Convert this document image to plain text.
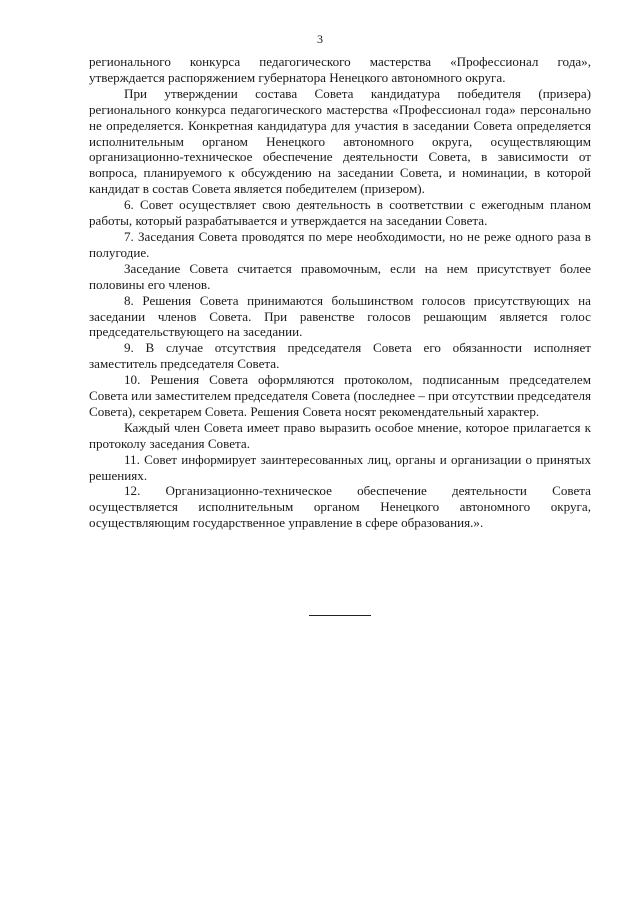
3

регионального конкурса педагогического мастерства «Профессионал года», утверждается распоряжением губернатора Ненецкого автономного округа.

При утверждении состава Совета кандидатура победителя (призера) регионального конкурса педагогического мастерства «Профессионал года» персонально не определяется. Конкретная кандидатура для участия в заседании Совета определяется исполнительным органом Ненецкого автономного округа, осуществляющим организационно-техническое обеспечение деятельности Совета, в зависимости от вопроса, планируемого к обсуждению на заседании Совета, и номинации, в которой кандидат в состав Совета является победителем (призером).

6. Совет осуществляет свою деятельность в соответствии с ежегодным планом работы, который разрабатывается и утверждается на заседании Совета.

7. Заседания Совета проводятся по мере необходимости, но не реже одного раза в полугодие.

Заседание Совета считается правомочным, если на нем присутствует более половины его членов.

8. Решения Совета принимаются большинством голосов присутствующих на заседании членов Совета. При равенстве голосов решающим является голос председательствующего на заседании.

9. В случае отсутствия председателя Совета его обязанности исполняет заместитель председателя Совета.

10. Решения Совета оформляются протоколом, подписанным председателем Совета или заместителем председателя Совета (последнее – при отсутствии председателя Совета), секретарем Совета. Решения Совета носят рекомендательный характер.

Каждый член Совета имеет право выразить особое мнение, которое прилагается к протоколу заседания Совета.

11. Совет информирует заинтересованных лиц, органы и организации о принятых решениях.

12. Организационно-техническое обеспечение деятельности Совета осуществляется исполнительным органом Ненецкого автономного округа, осуществляющим государственное управление в сфере образования.».
